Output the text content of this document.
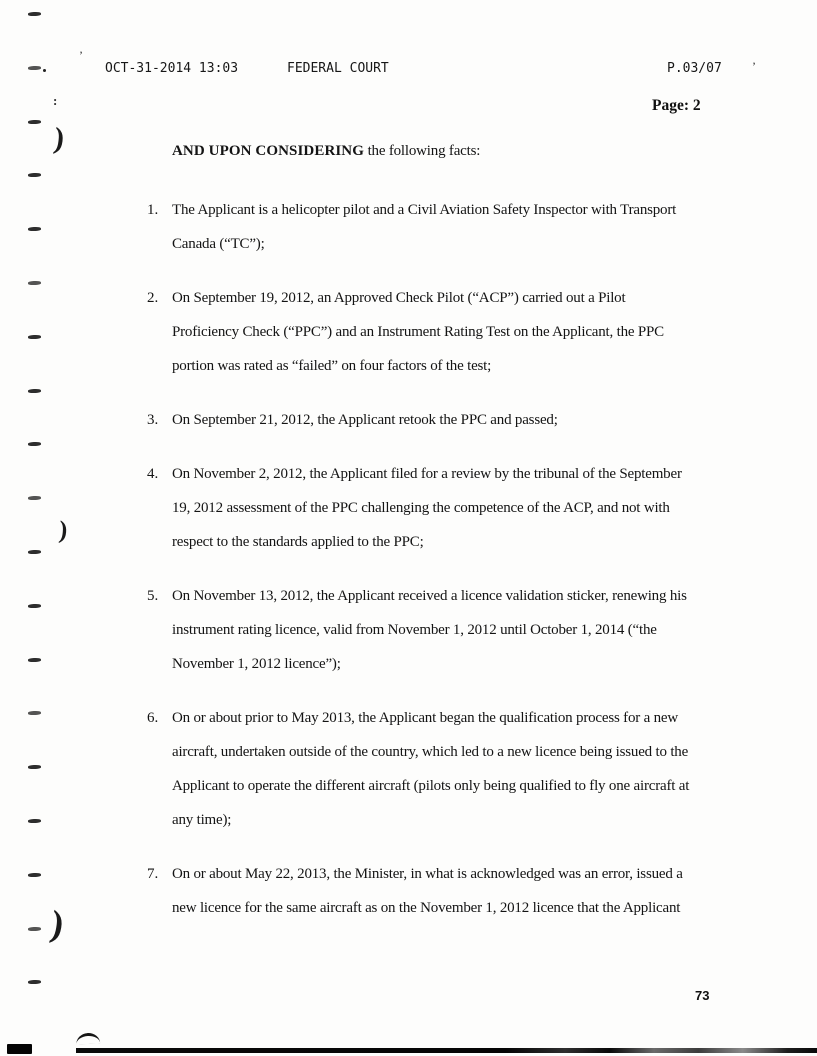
OCT-31-2014 13:03	FEDERAL COURT	P.03/07
Page: 2
AND UPON CONSIDERING the following facts:
1. The Applicant is a helicopter pilot and a Civil Aviation Safety Inspector with Transport
Canada (“TC”);
2. On September 19, 2012, an Approved Check Pilot (“ACP”) carried out a Pilot
Proficiency Check (“PPC”) and an Instrument Rating Test on the Applicant, the PPC
portion was rated as “failed” on four factors of the test;
3. On September 21, 2012, the Applicant retook the PPC and passed;
4. On November 2, 2012, the Applicant filed for a review by the tribunal of the September
19, 2012 assessment of the PPC challenging the competence of the ACP, and not with
respect to the standards applied to the PPC;
5. On November 13, 2012, the Applicant received a licence validation sticker, renewing his
instrument rating licence, valid from November 1, 2012 until October 1, 2014 (“the
November 1, 2012 licence”);
6. On or about prior to May 2013, the Applicant began the qualification process for a new
aircraft, undertaken outside of the country, which led to a new licence being issued to the
Applicant to operate the different aircraft (pilots only being qualified to fly one aircraft at
any time);
7. On or about May 22, 2013, the Minister, in what is acknowledged was an error, issued a
new licence for the same aircraft as on the November 1, 2012 licence that the Applicant
73
)
)
)
:
’
’
